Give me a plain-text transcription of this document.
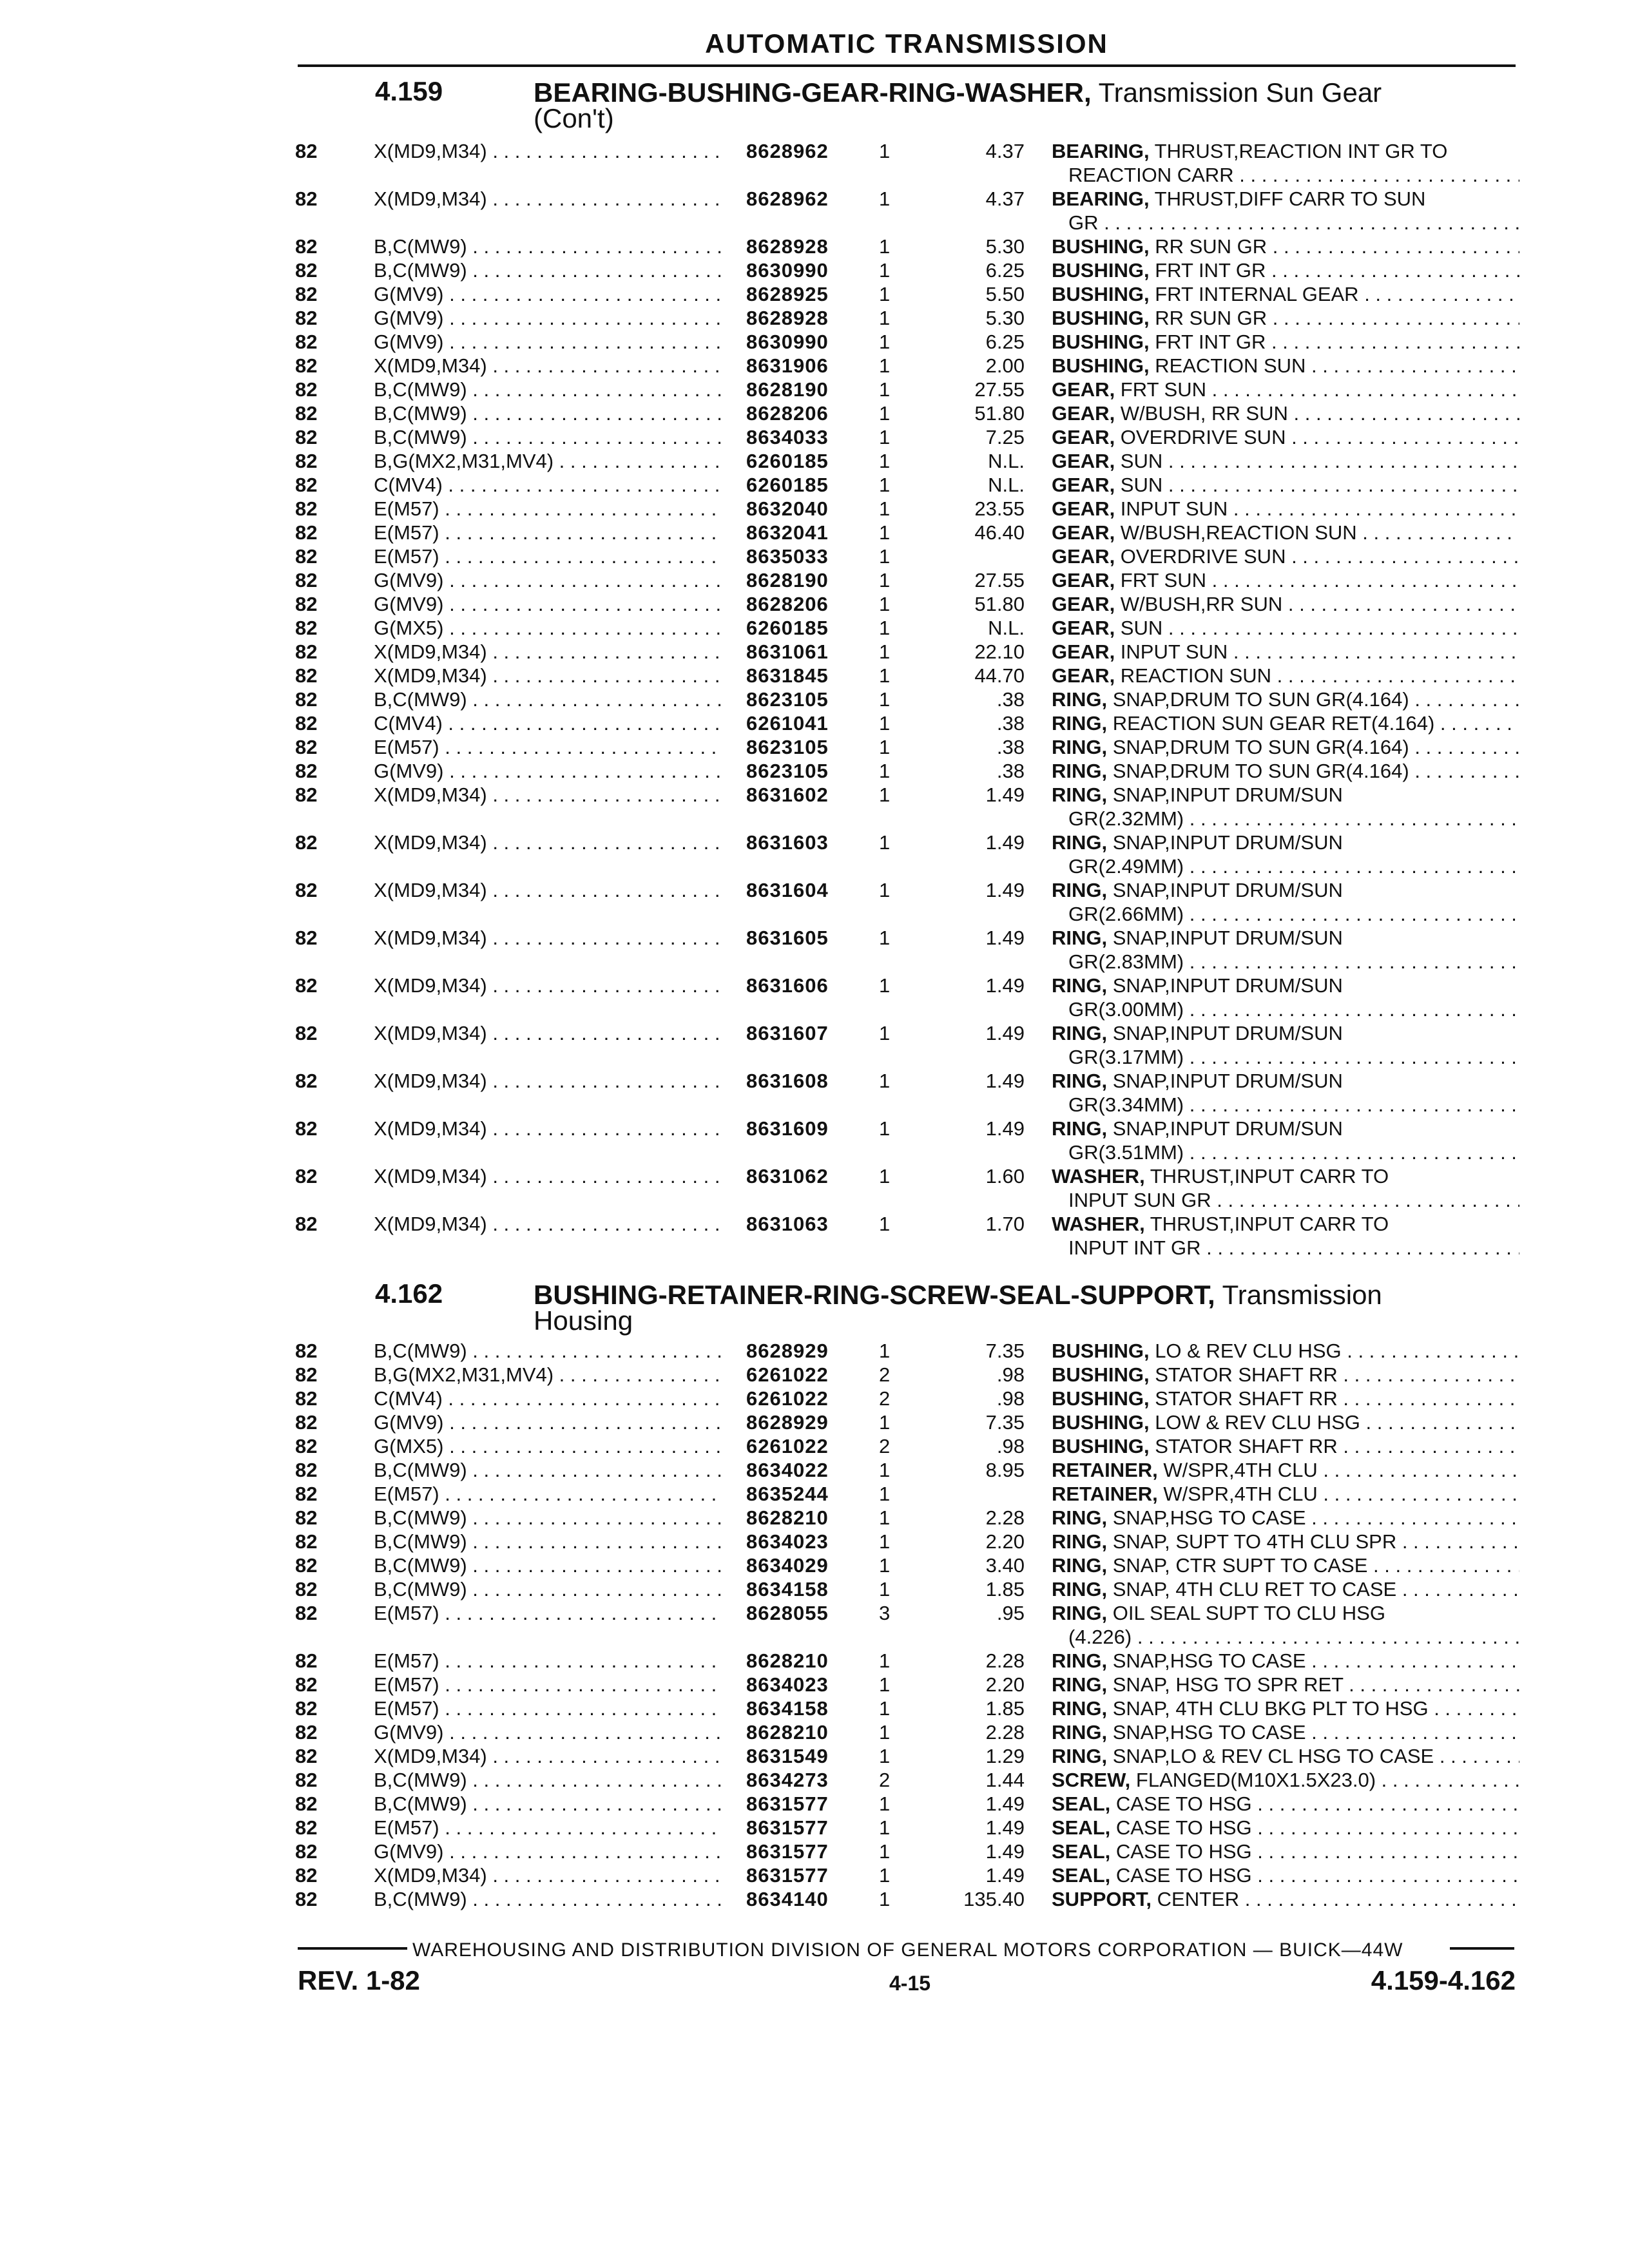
AUTOMATIC TRANSMISSION
4.159	BEARING-BUSHING-GEAR-RING-WASHER, Transmission Sun Gear
(Con't)
82	X(MD9,M34) . . .	8628962	1	4.37 BEARING, THRUST,REACTION INT GR TO
REACTION CARR . . .
82	X(MD9,M34) . . .	8628962	1	4.37 BEARING, THRUST,DIFF CARR TO SUN
GR . . .
82	B,C(MW9) . . .	8628928	1	5.30 BUSHING, RR SUN GR . . .
82	B,C(MW9) . . .	8630990	1	6.25 BUSHING, FRT INT GR . . .
82	G(MV9) . . .	8628925	1	5.50 BUSHING, FRT INTERNAL GEAR . . .
82	G(MV9) . . .	8628928	1	5.30 BUSHING, RR SUN GR . . .
82	G(MV9) . . .	8630990	1	6.25 BUSHING, FRT INT GR . . .
82	X(MD9,M34) . . .	8631906	1	2.00 BUSHING, REACTION SUN . . .
82	B,C(MW9) . . .	8628190	1	27.55 GEAR, FRT SUN . . .
82	B,C(MW9) . . .	8628206	1	51.80 GEAR, W/BUSH, RR SUN . . .
82	B,C(MW9) . . .	8634033	1	7.25 GEAR, OVERDRIVE SUN . . .
82	B,G(MX2,M31,MV4) . . .	6260185	1	N.L. GEAR, SUN . . .
82	C(MV4) . . .	6260185	1	N.L. GEAR, SUN . . .
82	E(M57) . . .	8632040	1	23.55 GEAR, INPUT SUN . . .
82	E(M57) . . .	8632041	1	46.40 GEAR, W/BUSH,REACTION SUN . . .
82	E(M57) . . .	8635033	1	GEAR, OVERDRIVE SUN . . .
82	G(MV9) . . .	8628190	1	27.55 GEAR, FRT SUN . . .
82	G(MV9) . . .	8628206	1	51.80 GEAR, W/BUSH,RR SUN . . .
82	G(MX5) . . .	6260185	1	N.L. GEAR, SUN . . .
82	X(MD9,M34) . . .	8631061	1	22.10 GEAR, INPUT SUN . . .
82	X(MD9,M34) . . .	8631845	1	44.70 GEAR, REACTION SUN . . .
82	B,C(MW9) . . .	8623105	1	.38 RING, SNAP,DRUM TO SUN GR(4.164) . . .
82	C(MV4) . . .	6261041	1	.38 RING, REACTION SUN GEAR RET(4.164) . . .
82	E(M57) . . .	8623105	1	.38 RING, SNAP,DRUM TO SUN GR(4.164) . . .
82	G(MV9) . . .	8623105	1	.38 RING, SNAP,DRUM TO SUN GR(4.164) . . .
82	X(MD9,M34) . . .	8631602	1	1.49 RING, SNAP,INPUT DRUM/SUN
GR(2.32MM) . . .
82	X(MD9,M34) . . .	8631603	1	1.49 RING, SNAP,INPUT DRUM/SUN
GR(2.49MM) . . .
82	X(MD9,M34) . . .	8631604	1	1.49 RING, SNAP,INPUT DRUM/SUN
GR(2.66MM) . . .
82	X(MD9,M34) . . .	8631605	1	1.49 RING, SNAP,INPUT DRUM/SUN
GR(2.83MM) . . .
82	X(MD9,M34) . . .	8631606	1	1.49 RING, SNAP,INPUT DRUM/SUN
GR(3.00MM) . . .
82	X(MD9,M34) . . .	8631607	1	1.49 RING, SNAP,INPUT DRUM/SUN
GR(3.17MM) . . .
82	X(MD9,M34) . . .	8631608	1	1.49 RING, SNAP,INPUT DRUM/SUN
GR(3.34MM) . . .
82	X(MD9,M34) . . .	8631609	1	1.49 RING, SNAP,INPUT DRUM/SUN
GR(3.51MM) . . .
82	X(MD9,M34) . . .	8631062	1	1.60 WASHER, THRUST,INPUT CARR TO
INPUT SUN GR . . .
82	X(MD9,M34) . . .	8631063	1	1.70 WASHER, THRUST,INPUT CARR TO
INPUT INT GR . . .
4.162	BUSHING-RETAINER-RING-SCREW-SEAL-SUPPORT, Transmission
Housing
82	B,C(MW9) . . .	8628929	1	7.35 BUSHING, LO & REV CLU HSG . . .
82	B,G(MX2,M31,MV4) . . .	6261022	2	.98 BUSHING, STATOR SHAFT RR . . .
82	C(MV4) . . .	6261022	2	.98 BUSHING, STATOR SHAFT RR . . .
82	G(MV9) . . .	8628929	1	7.35 BUSHING, LOW & REV CLU HSG . . .
82	G(MX5) . . .	6261022	2	.98 BUSHING, STATOR SHAFT RR . . .
82	B,C(MW9) . . .	8634022	1	8.95 RETAINER, W/SPR,4TH CLU . . .
82	E(M57) . . .	8635244	1	RETAINER, W/SPR,4TH CLU . . .
82	B,C(MW9) . . .	8628210	1	2.28 RING, SNAP,HSG TO CASE . . .
82	B,C(MW9) . . .	8634023	1	2.20 RING, SNAP, SUPT TO 4TH CLU SPR . . .
82	B,C(MW9) . . .	8634029	1	3.40 RING, SNAP, CTR SUPT TO CASE . . .
82	B,C(MW9) . . .	8634158	1	1.85 RING, SNAP, 4TH CLU RET TO CASE . . .
82	E(M57) . . .	8628055	3	.95 RING, OIL SEAL SUPT TO CLU HSG
(4.226) . . .
82	E(M57) . . .	8628210	1	2.28 RING, SNAP,HSG TO CASE . . .
82	E(M57) . . .	8634023	1	2.20 RING, SNAP, HSG TO SPR RET . . .
82	E(M57) . . .	8634158	1	1.85 RING, SNAP, 4TH CLU BKG PLT TO HSG . . .
82	G(MV9) . . .	8628210	1	2.28 RING, SNAP,HSG TO CASE . . .
82	X(MD9,M34) . . .	8631549	1	1.29 RING, SNAP,LO & REV CL HSG TO CASE . . .
82	B,C(MW9) . . .	8634273	2	1.44 SCREW, FLANGED(M10X1.5X23.0) . . .
82	B,C(MW9) . . .	8631577	1	1.49 SEAL, CASE TO HSG . . .
82	E(M57) . . .	8631577	1	1.49 SEAL, CASE TO HSG . . .
82	G(MV9) . . .	8631577	1	1.49 SEAL, CASE TO HSG . . .
82	X(MD9,M34) . . .	8631577	1	1.49 SEAL, CASE TO HSG . . .
82	B,C(MW9) . . .	8634140	1	135.40 SUPPORT, CENTER . . .
WAREHOUSING AND DISTRIBUTION DIVISION OF GENERAL MOTORS CORPORATION — BUICK—44W
REV. 1-82	4-15	4.159-4.162
